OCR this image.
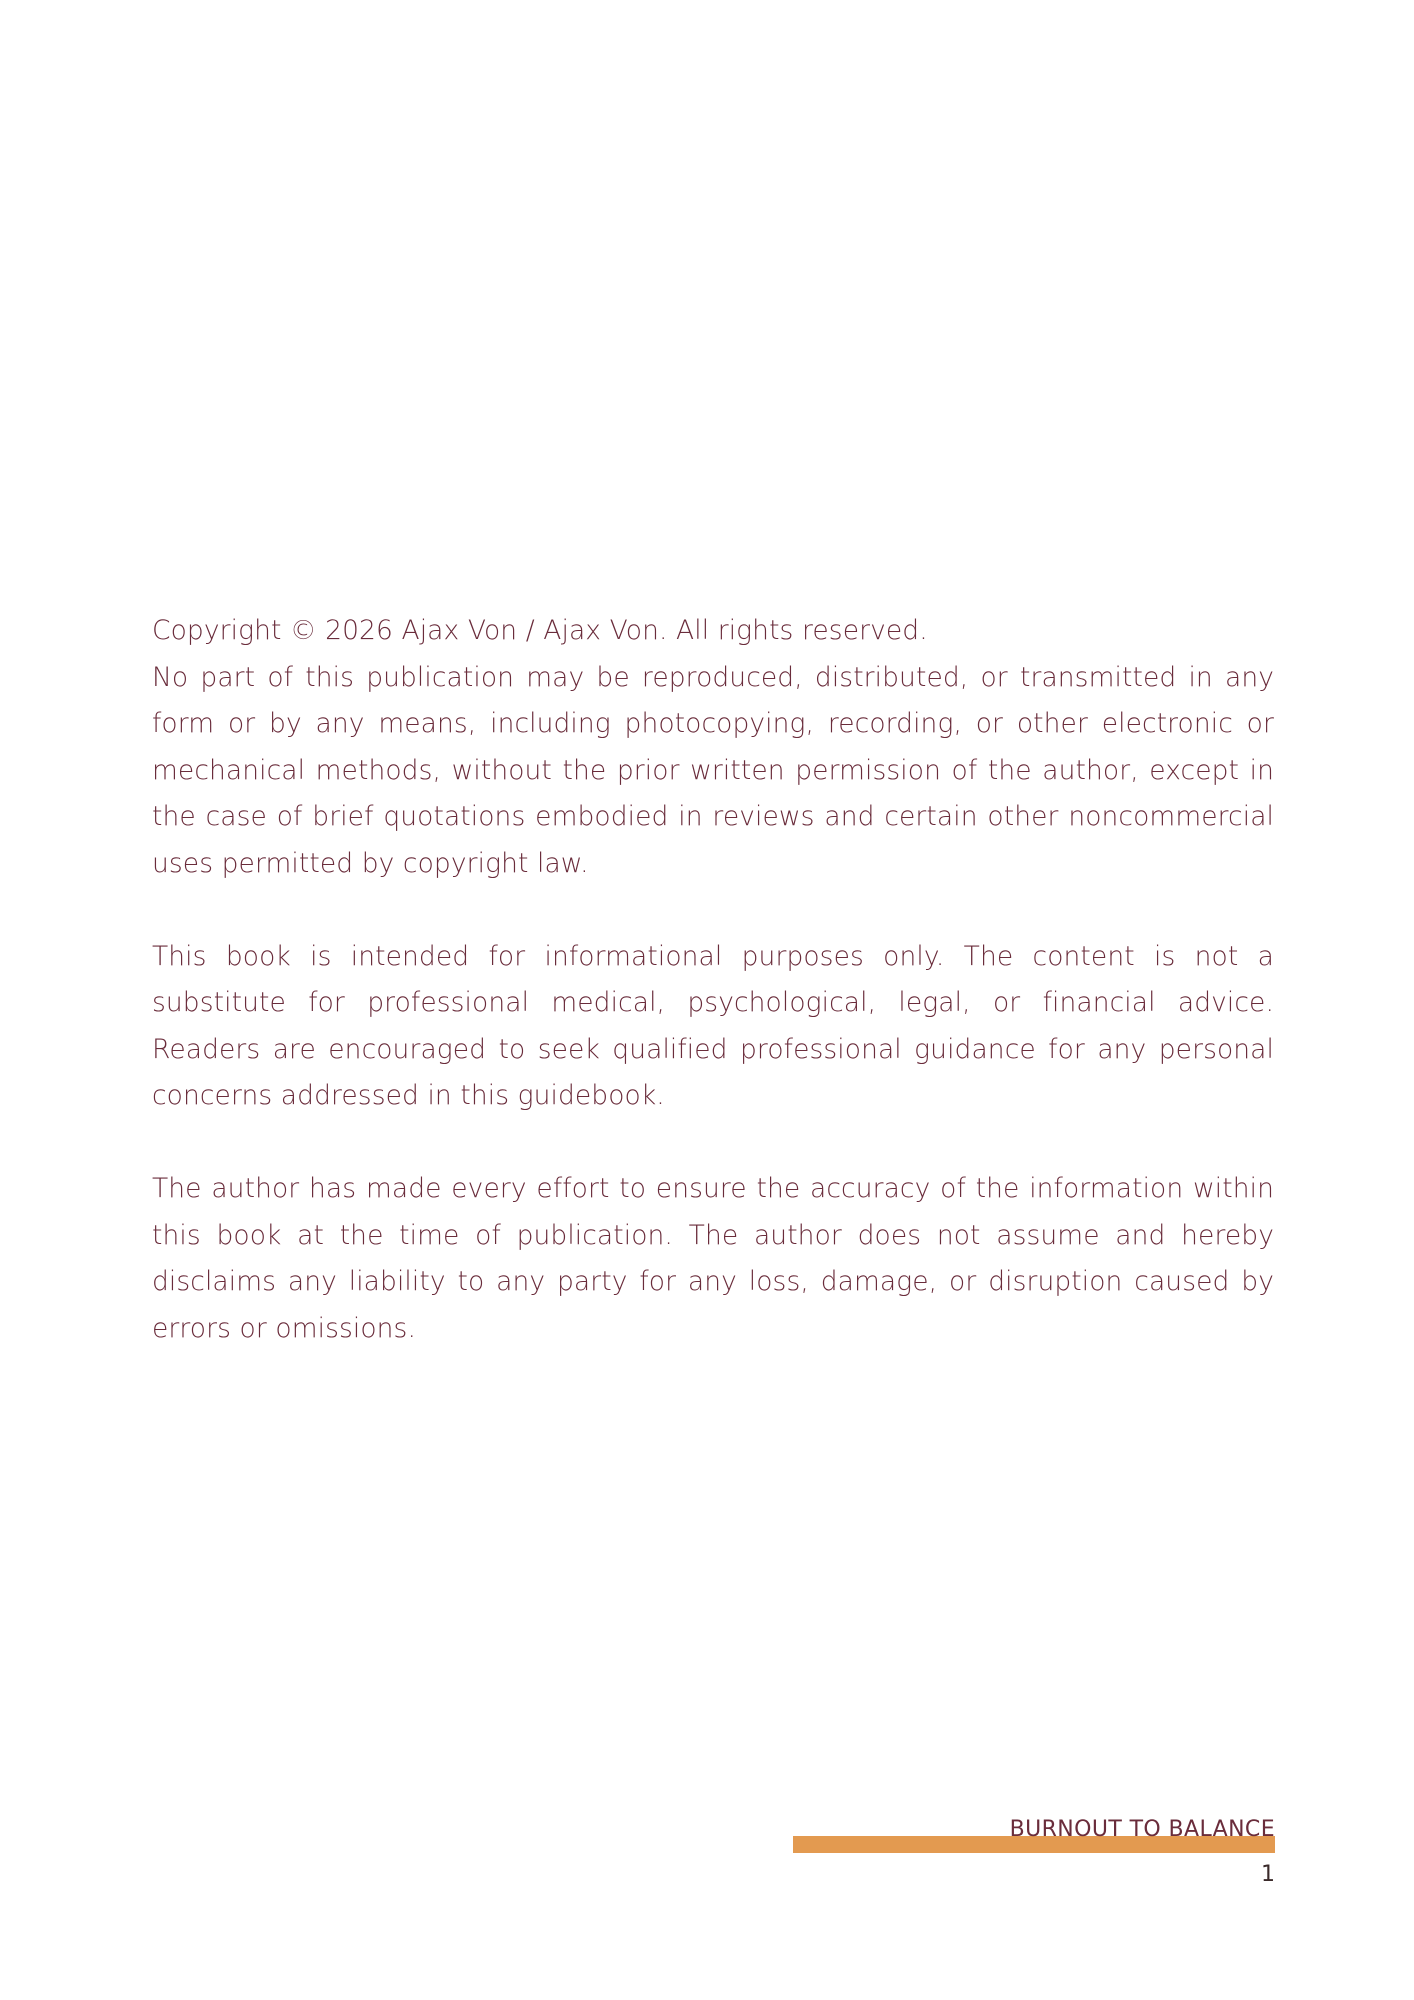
Copyright © 2026 Ajax Von / Ajax Von. All rights reserved.

No part of this publication may be reproduced, distributed, or transmitted in any form or by any means, including photocopying, recording, or other electronic or mechanical methods, without the prior written permission of the author, except in the case of brief quotations embodied in reviews and certain other noncommercial uses permitted by copyright law.

This book is intended for informational purposes only. The content is not a substitute for professional medical, psychological, legal, or financial advice. Readers are encouraged to seek qualified professional guidance for any personal concerns addressed in this guidebook.

The author has made every effort to ensure the accuracy of the information within this book at the time of publication. The author does not assume and hereby disclaims any liability to any party for any loss, damage, or disruption caused by errors or omissions.

BURNOUT TO BALANCE
1
